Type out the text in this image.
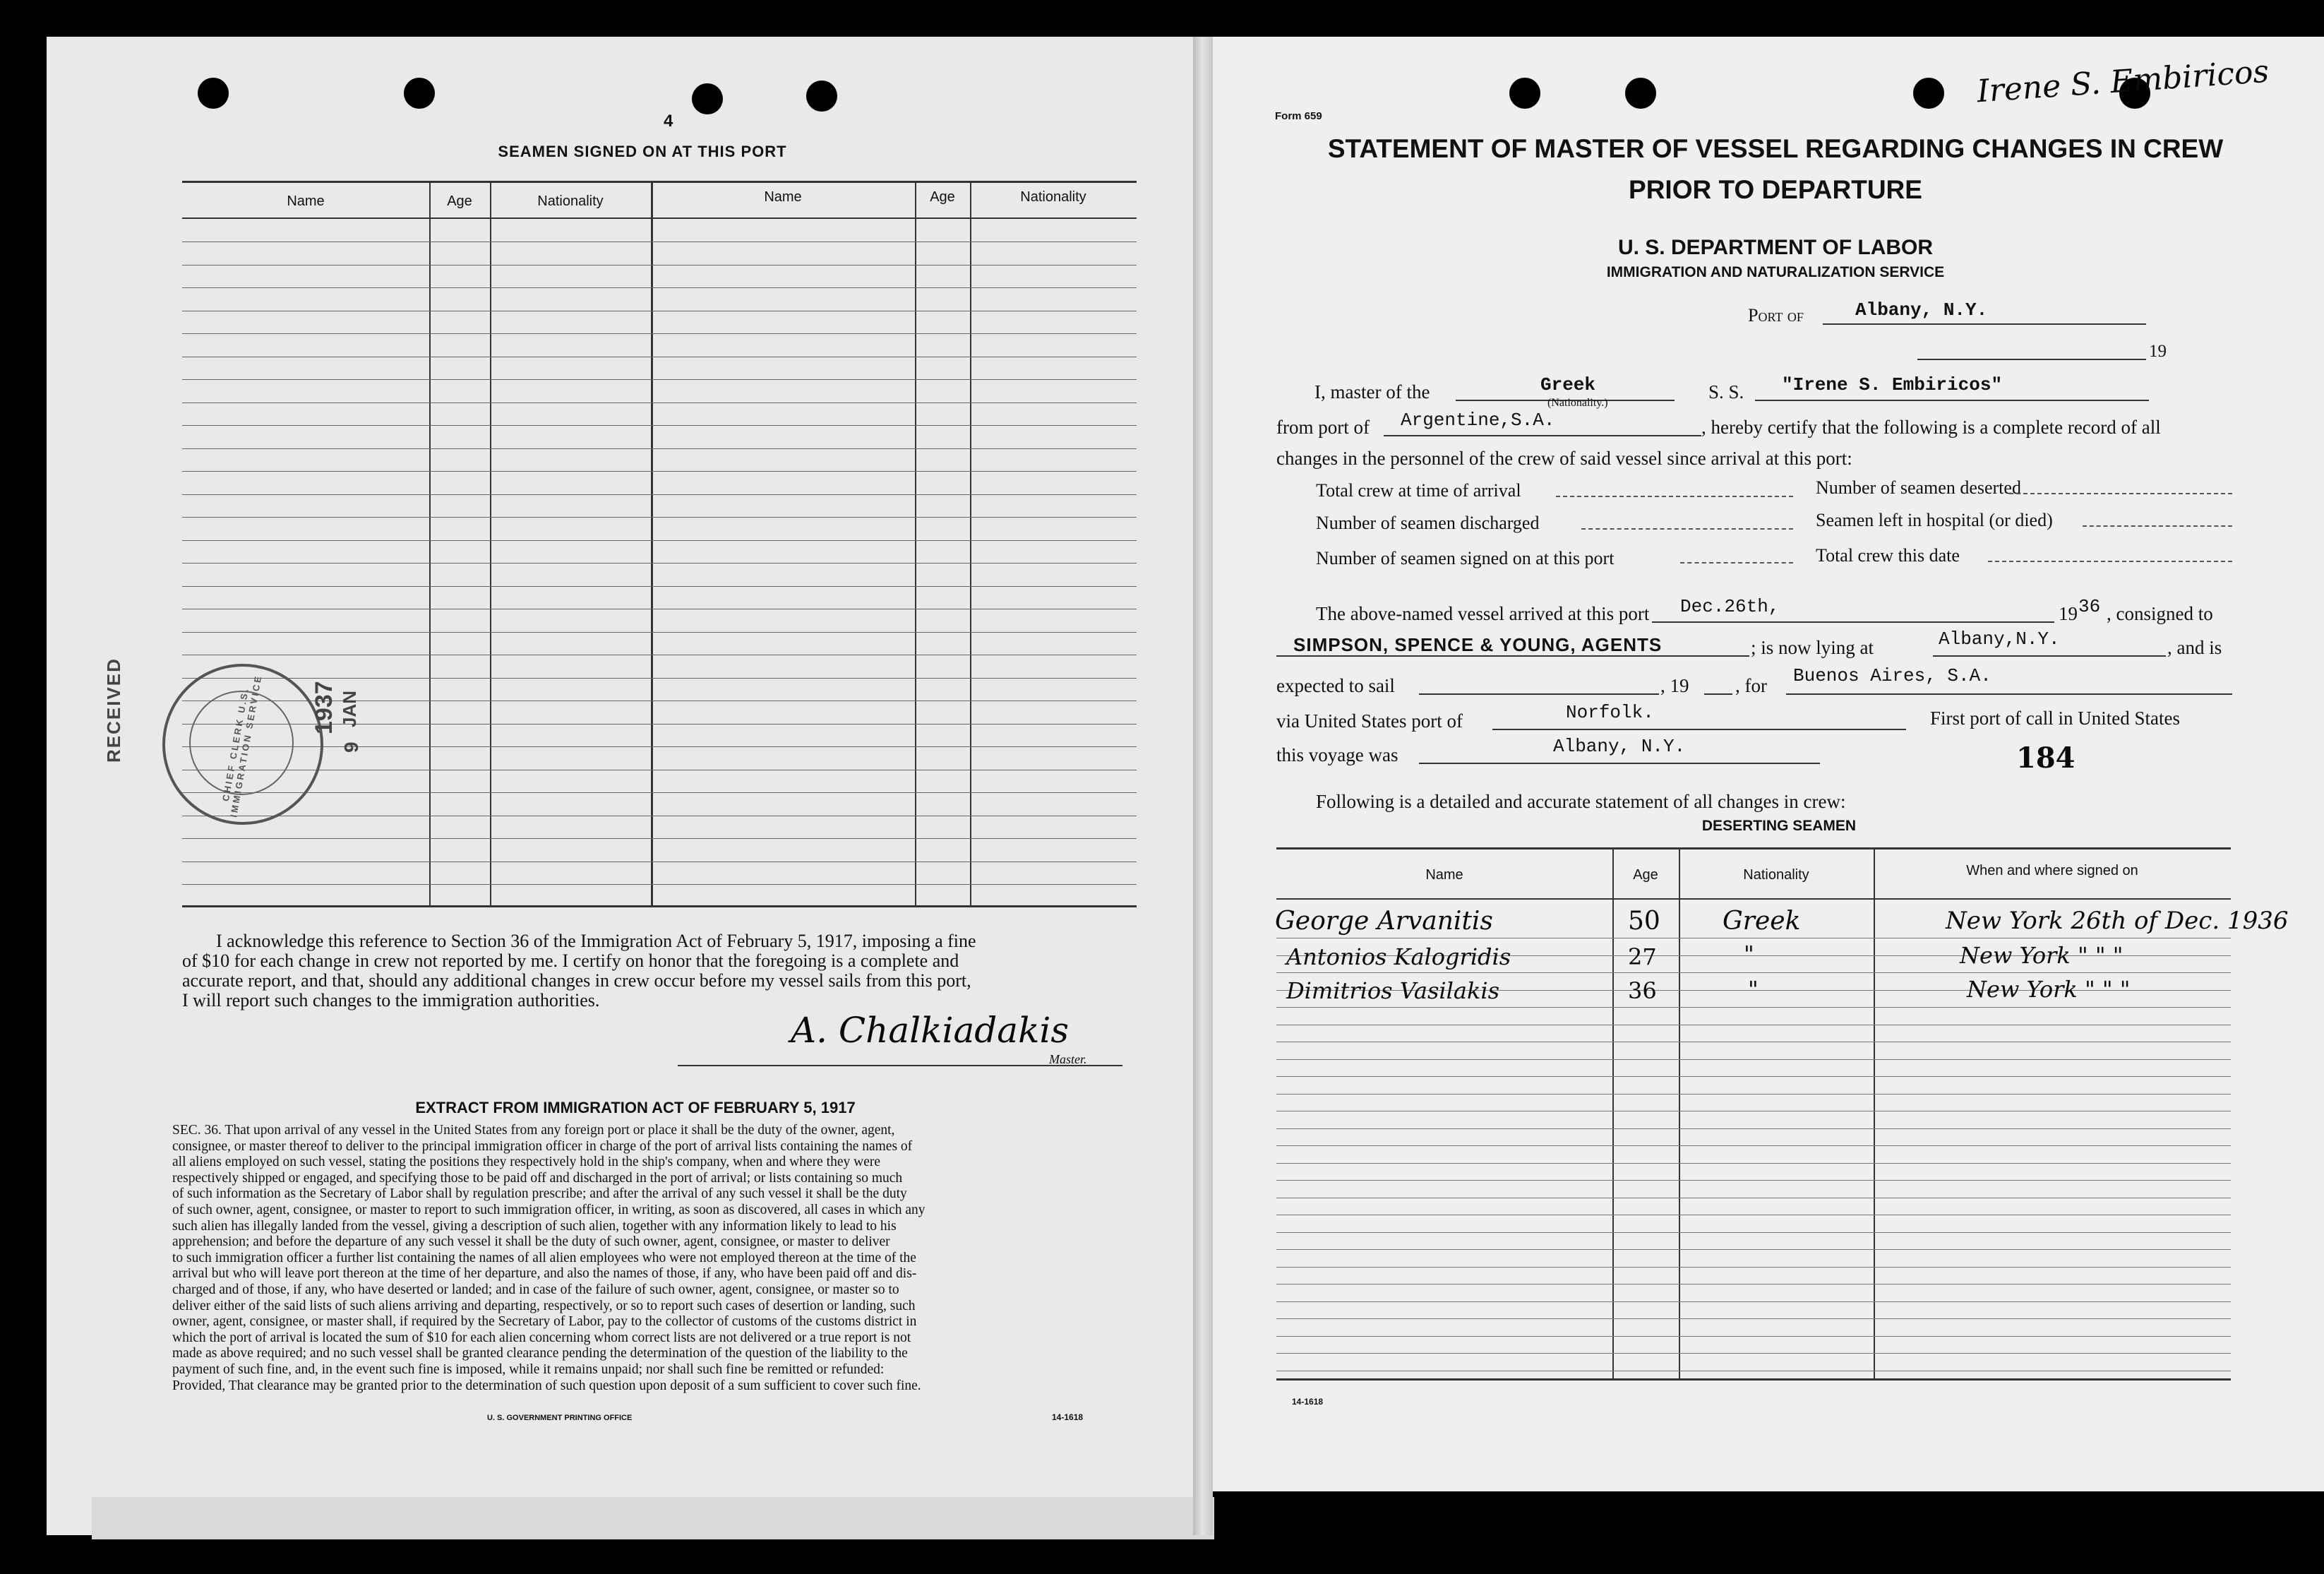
4
SEAMEN SIGNED ON AT THIS PORT
Name	Age	Nationality	Name	Age	Nationality
I acknowledge this reference to Section 36 of the Immigration Act of February 5, 1917, imposing a fine
of $10 for each change in crew not reported by me. I certify on honor that the foregoing is a complete and
accurate report, and that, should any additional changes in crew occur before my vessel sails from this port,
I will report such changes to the immigration authorities.
A. Chalkiadakis
Master.
RECEIVED	CHIEF CLERK U.S. IMMIGRATION SERVICE 1937 JAN
9
EXTRACT FROM IMMIGRATION ACT OF FEBRUARY 5, 1917
SEC. 36. That upon arrival of any vessel in the United States from any foreign port or place it shall be the duty of the owner, agent,
consignee, or master thereof to deliver to the principal immigration officer in charge of the port of arrival lists containing the names of
all aliens employed on such vessel, stating the positions they respectively hold in the ship's company, when and where they were
respectively shipped or engaged, and specifying those to be paid off and discharged in the port of arrival; or lists containing so much
of such information as the Secretary of Labor shall by regulation prescribe; and after the arrival of any such vessel it shall be the duty
of such owner, agent, consignee, or master to report to such immigration officer, in writing, as soon as discovered, all cases in which any
such alien has illegally landed from the vessel, giving a description of such alien, together with any information likely to lead to his
apprehension; and before the departure of any such vessel it shall be the duty of such owner, agent, consignee, or master to deliver
to such immigration officer a further list containing the names of all alien employees who were not employed thereon at the time of the
arrival but who will leave port thereon at the time of her departure, and also the names of those, if any, who have been paid off and dis-
charged and of those, if any, who have deserted or landed; and in case of the failure of such owner, agent, consignee, or master so to
deliver either of the said lists of such aliens arriving and departing, respectively, or so to report such cases of desertion or landing, such
owner, agent, consignee, or master shall, if required by the Secretary of Labor, pay to the collector of customs of the customs district in
which the port of arrival is located the sum of $10 for each alien concerning whom correct lists are not delivered or a true report is not
made as above required; and no such vessel shall be granted clearance pending the determination of the question of the liability to the
payment of such fine, and, in the event such fine is imposed, while it remains unpaid; nor shall such fine be remitted or refunded:
Provided, That clearance may be granted prior to the determination of such question upon deposit of a sum sufficient to cover such fine.
U. S. GOVERNMENT PRINTING OFFICE	14-1618
Form 659
Irene S. Embiricos
STATEMENT OF MASTER OF VESSEL REGARDING CHANGES IN CREW
PRIOR TO DEPARTURE
U. S. DEPARTMENT OF LABOR
IMMIGRATION AND NATURALIZATION SERVICE
Port of	Albany, N.Y.
19
I, master of the	Greek
(Nationality.)
S. S. "Irene S. Embiricos"
from port of Argentine,S.A.	, hereby certify that the following is a complete record of all
changes in the personnel of the crew of said vessel since arrival at this port:
Total crew at time of arrival	Number of seamen deserted
Number of seamen discharged	Seamen left in hospital (or died)
Number of seamen signed on at this port	Total crew this date
The above-named vessel arrived at this port Dec.26th,	19 36 , consigned to
SIMPSON, SPENCE & YOUNG, AGENTS	; is now lying at	Albany,N.Y.	, and is
expected to sail	, 19 , for Buenos Aires, S.A.
via United States port of	Norfolk.	First port of call in United States
this voyage was	Albany, N.Y.	184
Following is a detailed and accurate statement of all changes in crew:
DESERTING SEAMEN
Name	Age	Nationality	When and where signed on
George Arvanitis	50 Greek	New York 26th of Dec. 1936
Antonios Kalogridis	27	"	New York " " "
Dimitrios Vasilakis	36	"	New York " " "
14-1618
